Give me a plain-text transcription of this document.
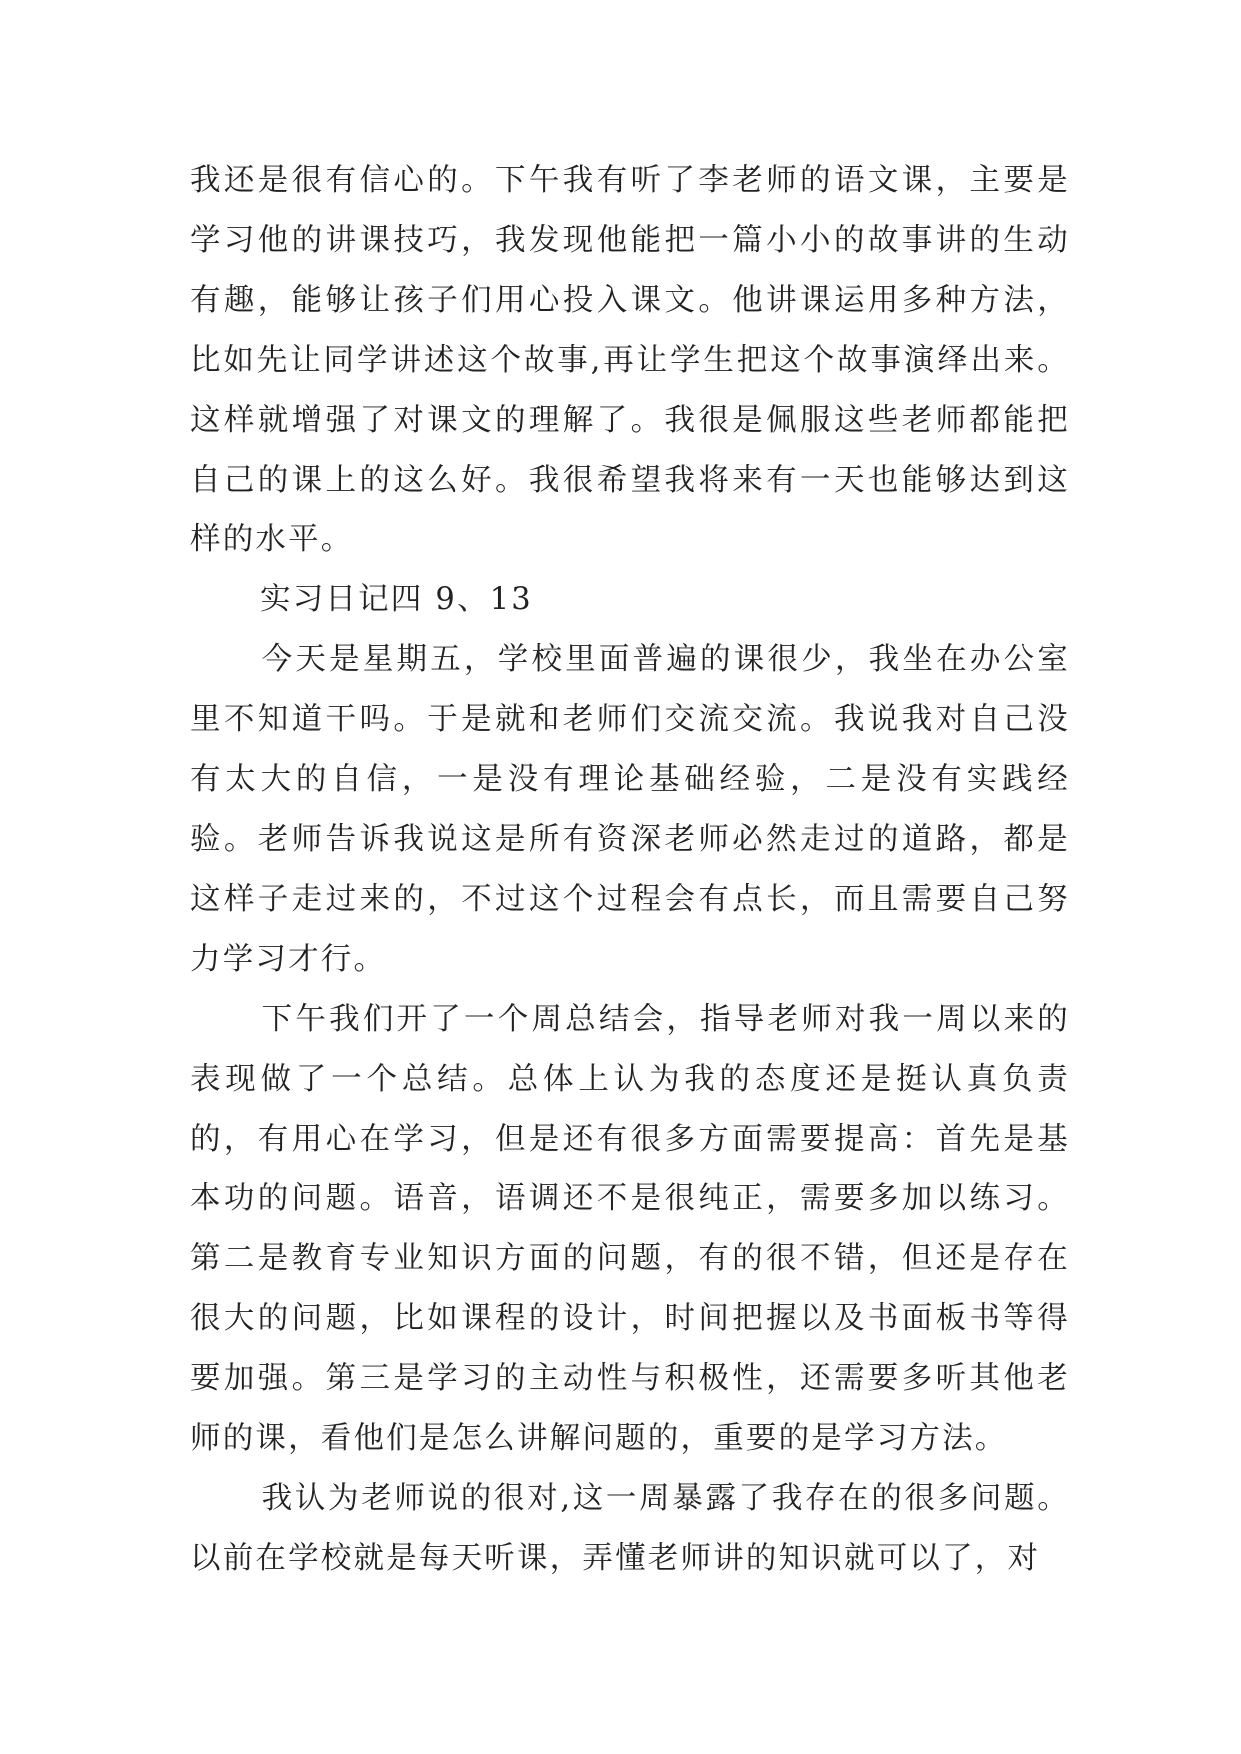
我还是很有信心的。下午我有听了李老师的语文课，主要是学习他的讲课技巧，我发现他能把一篇小小的故事讲的生动有趣，能够让孩子们用心投入课文。他讲课运用多种方法，比如先让同学讲述这个故事,再让学生把这个故事演绎出来。这样就增强了对课文的理解了。我很是佩服这些老师都能把自己的课上的这么好。我很希望我将来有一天也能够达到这样的水平。

实习日记四 9、13

今天是星期五，学校里面普遍的课很少，我坐在办公室里不知道干吗。于是就和老师们交流交流。我说我对自己没有太大的自信，一是没有理论基础经验，二是没有实践经验。老师告诉我说这是所有资深老师必然走过的道路，都是这样子走过来的，不过这个过程会有点长，而且需要自己努力学习才行。

下午我们开了一个周总结会，指导老师对我一周以来的表现做了一个总结。总体上认为我的态度还是挺认真负责的，有用心在学习，但是还有很多方面需要提高：首先是基本功的问题。语音，语调还不是很纯正，需要多加以练习。第二是教育专业知识方面的问题，有的很不错，但还是存在很大的问题，比如课程的设计，时间把握以及书面板书等得要加强。第三是学习的主动性与积极性，还需要多听其他老师的课，看他们是怎么讲解问题的，重要的是学习方法。

我认为老师说的很对,这一周暴露了我存在的很多问题。以前在学校就是每天听课，弄懂老师讲的知识就可以了，对
